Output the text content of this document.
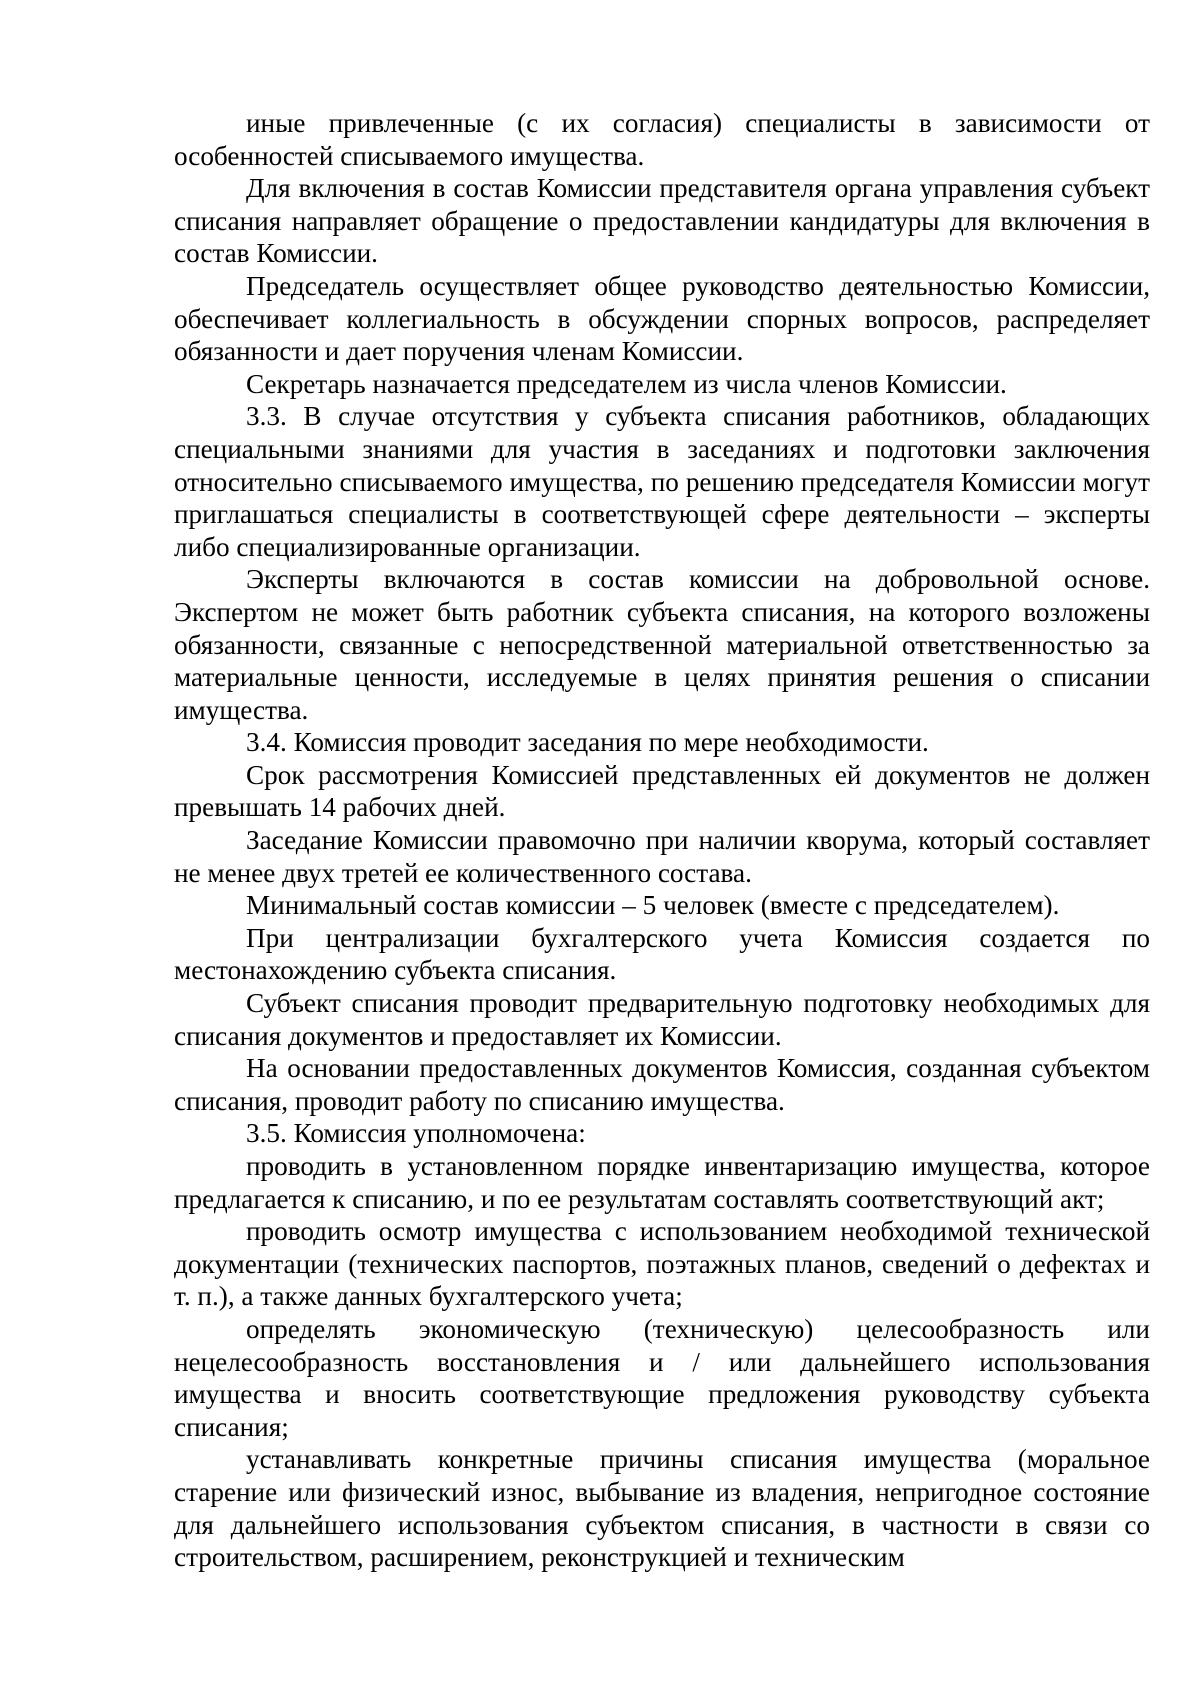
иные привлеченные (с их согласия) специалисты в зависимости от особенностей списываемого имущества.

Для включения в состав Комиссии представителя органа управления субъект списания направляет обращение о предоставлении кандидатуры для включения в состав Комиссии.

Председатель осуществляет общее руководство деятельностью Комиссии, обеспечивает коллегиальность в обсуждении спорных вопросов, распределяет обязанности и дает поручения членам Комиссии.

Секретарь назначается председателем из числа членов Комиссии.

3.3. В случае отсутствия у субъекта списания работников, обладающих специальными знаниями для участия в заседаниях и подготовки заключения относительно списываемого имущества, по решению председателя Комиссии могут приглашаться специалисты в соответствующей сфере деятельности – эксперты либо специализированные организации.

Эксперты включаются в состав комиссии на добровольной основе. Экспертом не может быть работник субъекта списания, на которого возложены обязанности, связанные с непосредственной материальной ответственностью за материальные ценности, исследуемые в целях принятия решения о списании имущества.

3.4. Комиссия проводит заседания по мере необходимости.

Срок рассмотрения Комиссией представленных ей документов не должен превышать 14 рабочих дней.

Заседание Комиссии правомочно при наличии кворума, который составляет не менее двух третей ее количественного состава.

Минимальный состав комиссии – 5 человек (вместе с председателем).

При централизации бухгалтерского учета Комиссия создается по местонахождению субъекта списания.

Субъект списания проводит предварительную подготовку необходимых для списания документов и предоставляет их Комиссии.

На основании предоставленных документов Комиссия, созданная субъектом списания, проводит работу по списанию имущества.

3.5. Комиссия уполномочена:

проводить в установленном порядке инвентаризацию имущества, которое предлагается к списанию, и по ее результатам составлять соответствующий акт;

проводить осмотр имущества с использованием необходимой технической документации (технических паспортов, поэтажных планов, сведений о дефектах и т. п.), а также данных бухгалтерского учета;

определять экономическую (техническую) целесообразность или нецелесообразность восстановления и / или дальнейшего использования имущества и вносить соответствующие предложения руководству субъекта списания;

устанавливать конкретные причины списания имущества (моральное старение или физический износ, выбывание из владения, непригодное состояние для дальнейшего использования субъектом списания, в частности в связи со строительством, расширением, реконструкцией и техническим
